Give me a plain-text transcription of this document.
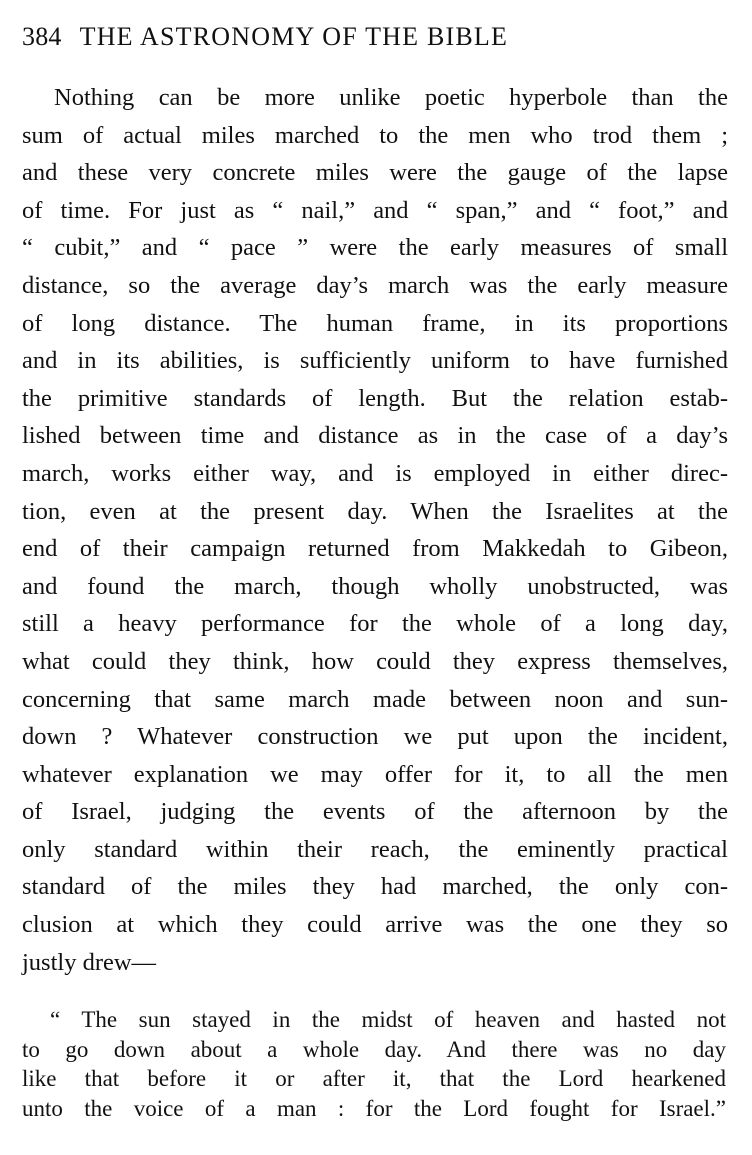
384 THE ASTRONOMY OF THE BIBLE
Nothing can be more unlike poetic hyperbole than the
sum of actual miles marched to the men who trod them ;
and these very concrete miles were the gauge of the lapse
of time. For just as “ nail,” and “ span,” and “ foot,” and
“ cubit,” and “ pace ” were the early measures of small
distance, so the average day’s march was the early measure
of long distance. The human frame, in its proportions
and in its abilities, is sufficiently uniform to have furnished
the primitive standards of length. But the relation estab-
lished between time and distance as in the case of a day’s
march, works either way, and is employed in either direc-
tion, even at the present day. When the Israelites at the
end of their campaign returned from Makkedah to Gibeon,
and found the march, though wholly unobstructed, was
still a heavy performance for the whole of a long day,
what could they think, how could they express themselves,
concerning that same march made between noon and sun-
down ? Whatever construction we put upon the incident,
whatever explanation we may offer for it, to all the men
of Israel, judging the events of the afternoon by the
only standard within their reach, the eminently practical
standard of the miles they had marched, the only con-
clusion at which they could arrive was the one they so
justly drew—
“ The sun stayed in the midst of heaven and hasted not
to go down about a whole day. And there was no day
like that before it or after it, that the Lord hearkened
unto the voice of a man : for the Lord fought for Israel.”
